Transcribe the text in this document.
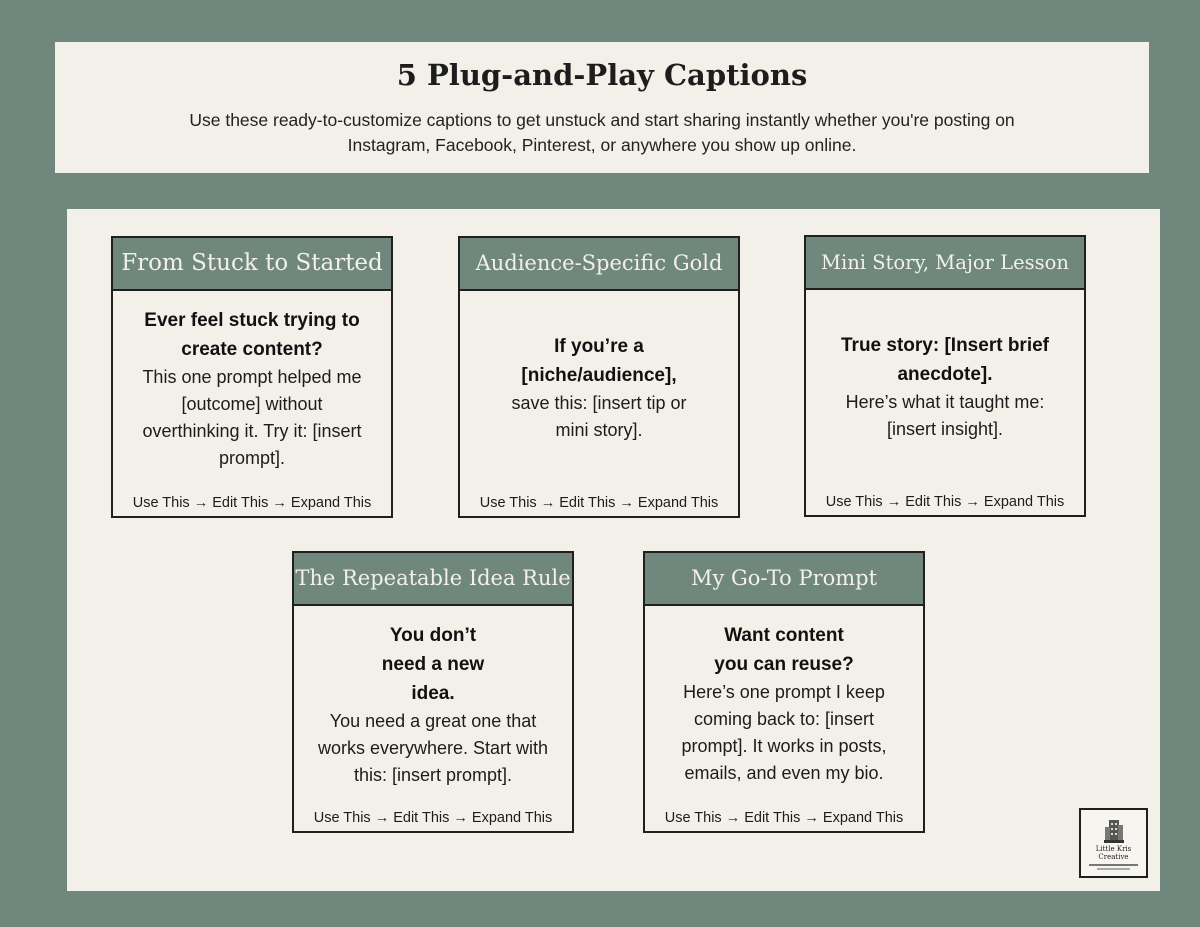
5 Plug-and-Play Captions

Use these ready-to-customize captions to get unstuck and start sharing instantly whether you're posting on Instagram, Facebook, Pinterest, or anywhere you show up online.

From Stuck to Started
Ever feel stuck trying to create content?
This one prompt helped me [outcome] without overthinking it. Try it: [insert prompt].
Use This → Edit This → Expand This
Audience-Specific Gold
If you’re a [niche/audience],
save this: [insert tip or mini story].
Use This → Edit This → Expand This
Mini Story, Major Lesson
True story: [Insert brief anecdote].
Here’s what it taught me: [insert insight].
Use This → Edit This → Expand This
The Repeatable Idea Rule
You don’t need a new idea.
You need a great one that works everywhere. Start with this: [insert prompt].
Use This → Edit This → Expand This
My Go-To Prompt
Want content you can reuse?
Here’s one prompt I keep coming back to: [insert prompt]. It works in posts, emails, and even my bio.
Use This → Edit This → Expand This
Little Kris Creative
